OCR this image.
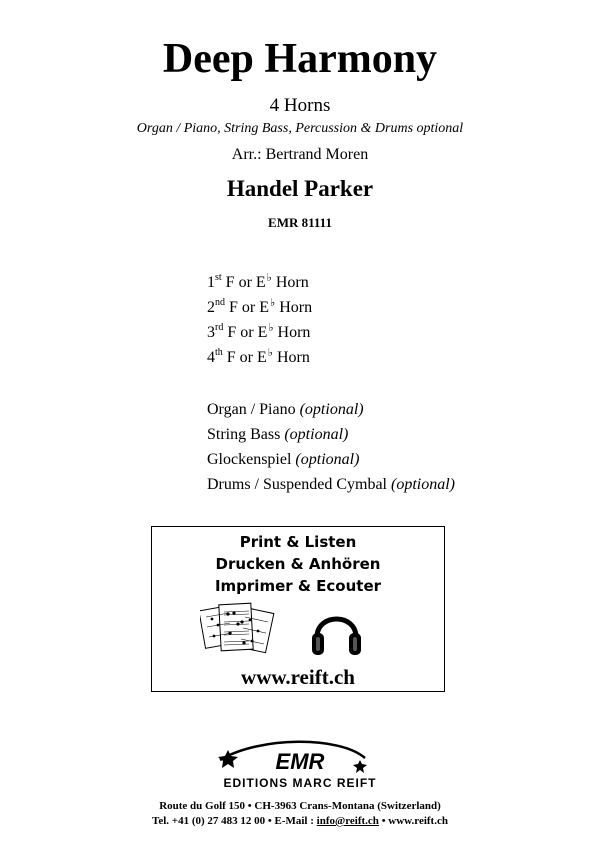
Deep Harmony
4 Horns
Organ / Piano, String Bass, Percussion & Drums optional
Arr.: Bertrand Moren
Handel Parker
EMR 81111
1st F or E♭ Horn
2nd F or E♭ Horn
3rd F or E♭ Horn
4th F or E♭ Horn
Organ / Piano (optional)
String Bass (optional)
Glockenspiel (optional)
Drums / Suspended Cymbal (optional)
Print & Listen
Drucken & Anhören
Imprimer & Ecouter
www.reift.ch
EMR
EDITIONS MARC REIFT
Route du Golf 150 • CH-3963 Crans-Montana (Switzerland)
Tel. +41 (0) 27 483 12 00 • E-Mail : info@reift.ch • www.reift.ch
